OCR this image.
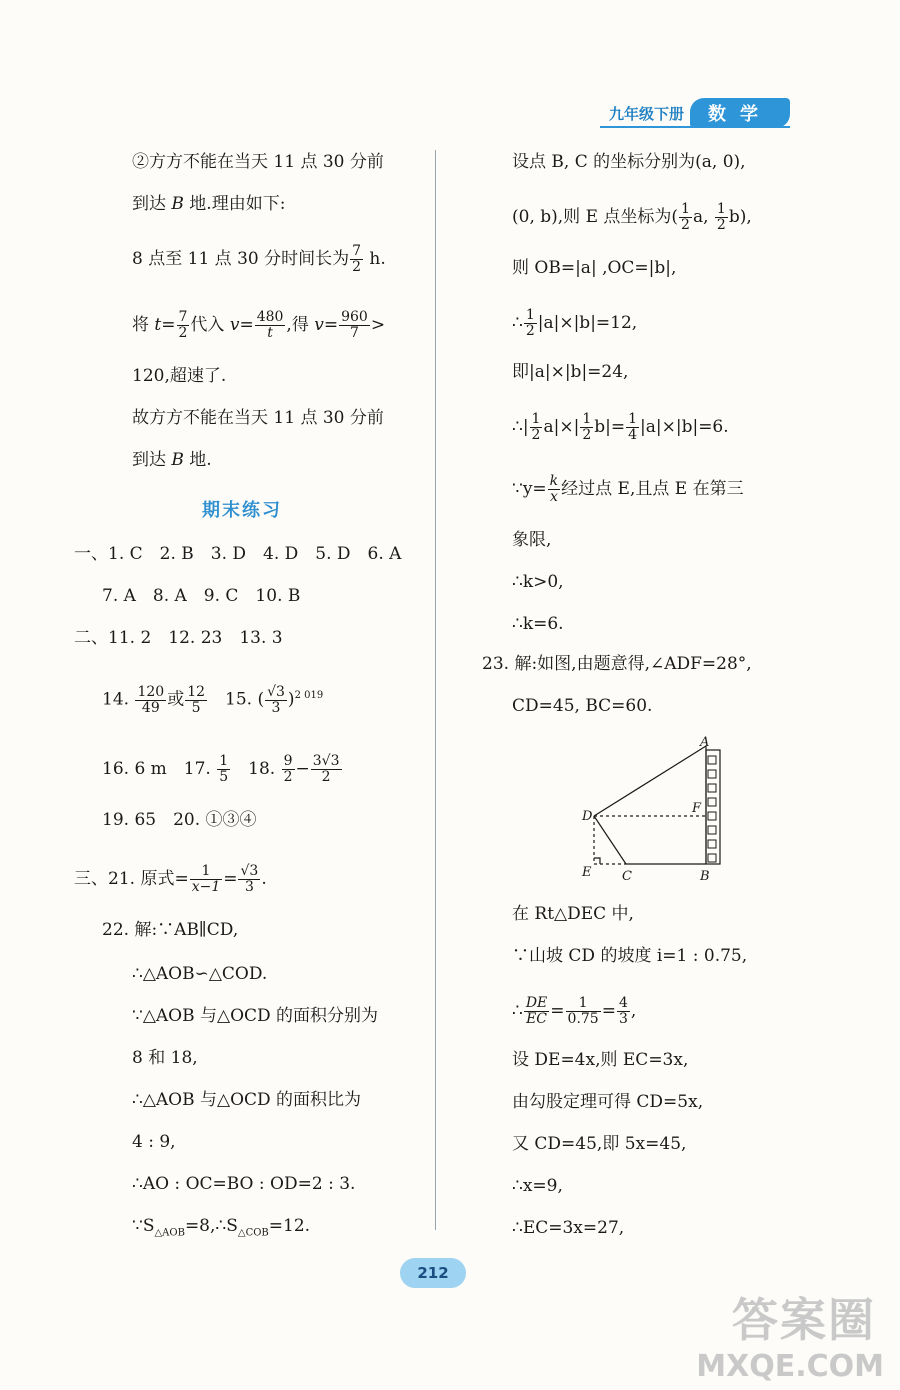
九年级下册	数学
②方方不能在当天 11 点 30 分前
到达 B 地.理由如下:
8 点至 11 点 30 分时间长为 $\frac{7}{2} h$.
将 $t= \frac{7}{2}$ 代入 $v= \frac{480}{t}$ ,得 $v= \frac{960}{7}$ >
120,超速了.
故方方不能在当天 11 点 30 分前
到达 B 地.
期末练习
一、1. C　2. B　3. D　4. D　5. D　6. A
7. A　8. A　9. C　10. B
二、11. 2　12. 23　13. 3
14. $\frac{120}{49}$ 或 $\frac{12}{5}$ 　15. ( $\frac{√3}{3} )^{2 019}$
16. 6 m　17. $\frac{1}{5}$ 　18. $\frac{9}{2} - \frac{3√3}{2}$
19. 65　20. ①③④
三、21. 原式= $\frac{1}{x-1} = \frac{√3}{3}$ .
22. 解:∵AB∥CD,
∴△AOB∽△COD.
∵△AOB 与△OCD 的面积分别为
8 和 18,
∴△AOB 与△OCD 的面积比为
4 : 9,
∴AO : OC=BO : OD=2 : 3.
$\because S_{\triangle AOB}=8,\therefore S_{\triangle COB}=12$.
设点 B, C 的坐标分别为(a, 0),
(0, b),则 E 点坐标为( $\frac{1}{2} a$, $\frac{1}{2} b$),
则 OB=|a| ,OC=|b|,
∴ $\frac{1}{2} |a|\times|b|=12$,
即|a|×|b|=24,
∴| $\frac{1}{2} a|\times| \frac{1}{2} b|= \frac{1}{4} |a|\times|b|=6$.
∵y= $\frac{k}{x}$ 经过点 E,且点 E 在第三
象限,
∴k>0,
∴k=6.
23. 解:如图,由题意得,∠ADF=28°,
CD=45, BC=60.
A
D
F
E C	B
在 Rt△DEC 中,
∵山坡 CD 的坡度 i=1 : 0.75,
∴ $\frac{DE}{EC} = \frac{1}{0.75} = \frac{4}{3}$ ,
设 DE=4x,则 EC=3x,
由勾股定理可得 CD=5x,
又 CD=45,即 5x=45,
∴x=9,
∴EC=3x=27,
212
答案圈
MXQE.COM
